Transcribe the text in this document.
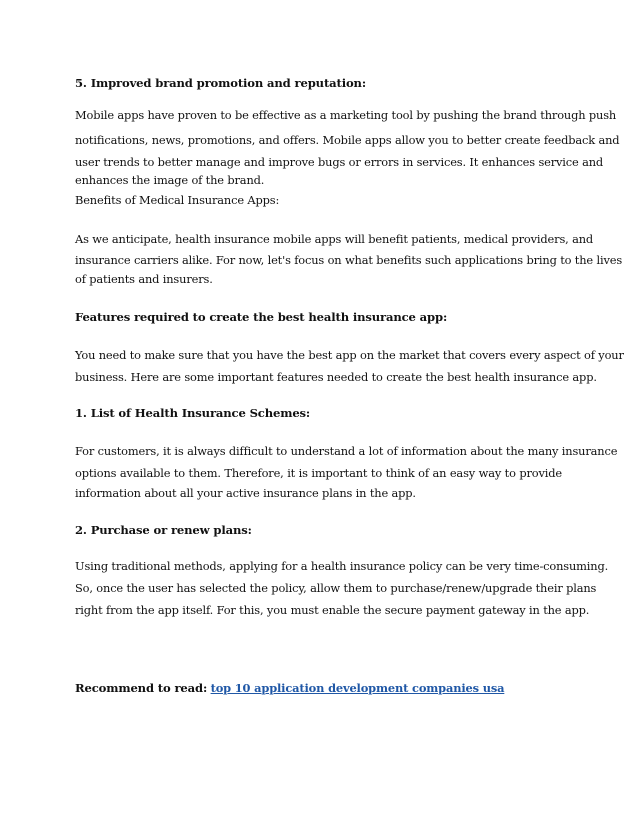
5. Improved brand promotion and reputation:
Mobile apps have proven to be effective as a marketing tool by pushing the brand through push
notifications, news, promotions, and offers. Mobile apps allow you to better create feedback and
user trends to better manage and improve bugs or errors in services. It enhances service and
enhances the image of the brand.
Benefits of Medical Insurance Apps:
As we anticipate, health insurance mobile apps will benefit patients, medical providers, and
insurance carriers alike. For now, let's focus on what benefits such applications bring to the lives
of patients and insurers.
Features required to create the best health insurance app:
You need to make sure that you have the best app on the market that covers every aspect of your
business. Here are some important features needed to create the best health insurance app.
1. List of Health Insurance Schemes:
For customers, it is always difficult to understand a lot of information about the many insurance
options available to them. Therefore, it is important to think of an easy way to provide
information about all your active insurance plans in the app.
2. Purchase or renew plans:
Using traditional methods, applying for a health insurance policy can be very time-consuming.
So, once the user has selected the policy, allow them to purchase/renew/upgrade their plans
right from the app itself. For this, you must enable the secure payment gateway in the app.
Recommend to read: top 10 application development companies usa
